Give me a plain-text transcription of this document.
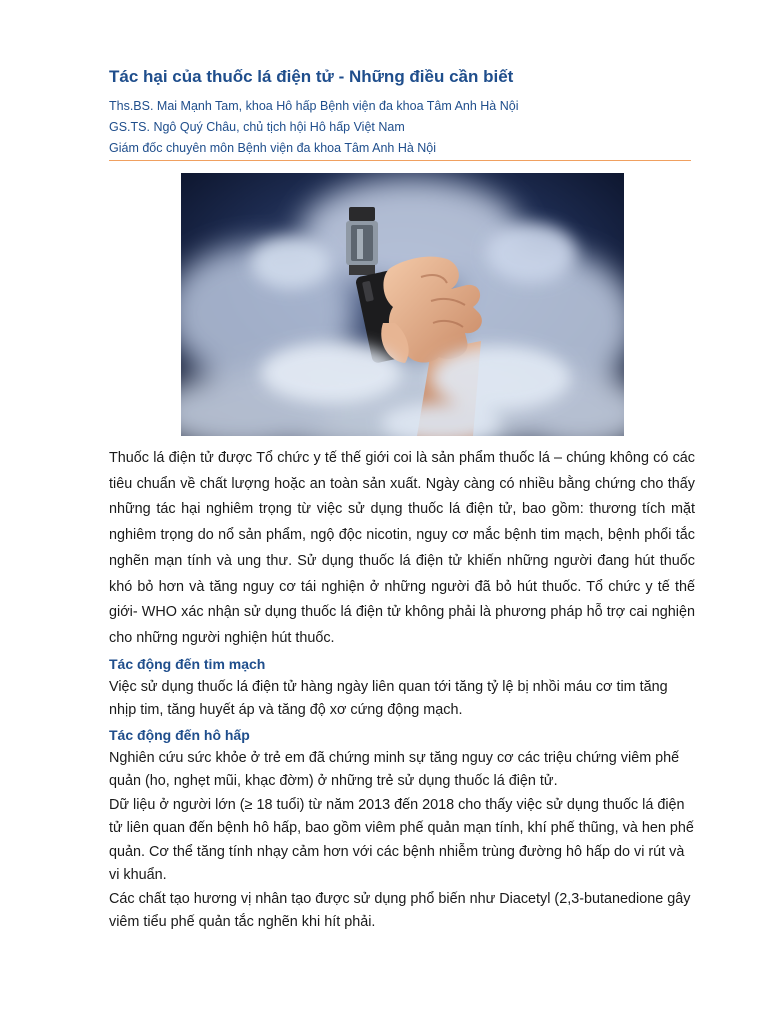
Tác hại của thuốc lá điện tử - Những điều cần biết
Ths.BS. Mai Mạnh Tam, khoa Hô hấp Bệnh viện đa khoa Tâm Anh Hà Nội
GS.TS. Ngô Quý Châu, chủ tịch hội Hô hấp Việt Nam
Giám đốc chuyên môn Bệnh viện đa khoa Tâm Anh Hà Nội

Thuốc lá điện tử được Tổ chức y tế thế giới coi là sản phẩm thuốc lá – chúng không có các tiêu chuẩn về chất lượng hoặc an toàn sản xuất. Ngày càng có nhiều bằng chứng cho thấy những tác hại nghiêm trọng từ việc sử dụng thuốc lá điện tử, bao gồm: thương tích mặt nghiêm trọng do nổ sản phẩm, ngộ độc nicotin, nguy cơ mắc bệnh tim mạch, bệnh phổi tắc nghẽn mạn tính và ung thư. Sử dụng thuốc lá điện tử khiến những người đang hút thuốc khó bỏ hơn và tăng nguy cơ tái nghiện ở những người đã bỏ hút thuốc. Tổ chức y tế thế giới- WHO xác nhận sử dụng thuốc lá điện tử không phải là phương pháp hỗ trợ cai nghiện cho những người nghiện hút thuốc.

Tác động đến tim mạch

Việc sử dụng thuốc lá điện tử hàng ngày liên quan tới tăng tỷ lệ bị nhồi máu cơ tim tăng nhịp tim, tăng huyết áp và tăng độ xơ cứng động mạch.

Tác động đến hô hấp

Nghiên cứu sức khỏe ở trẻ em đã chứng minh sự tăng nguy cơ các triệu chứng viêm phế quản (ho, nghẹt mũi, khạc đờm) ở những trẻ sử dụng thuốc lá điện tử.

Dữ liệu ở người lớn (≥ 18 tuổi) từ năm 2013 đến 2018 cho thấy việc sử dụng thuốc lá điện tử liên quan đến bệnh hô hấp, bao gồm viêm phế quản mạn tính, khí phế thũng, và hen phế quản. Cơ thể tăng tính nhạy cảm hơn với các bệnh nhiễm trùng đường hô hấp do vi rút và vi khuẩn.

Các chất tạo hương vị nhân tạo được sử dụng phổ biến như Diacetyl (2,3-butanedione gây viêm tiểu phế quản tắc nghẽn khi hít phải.
